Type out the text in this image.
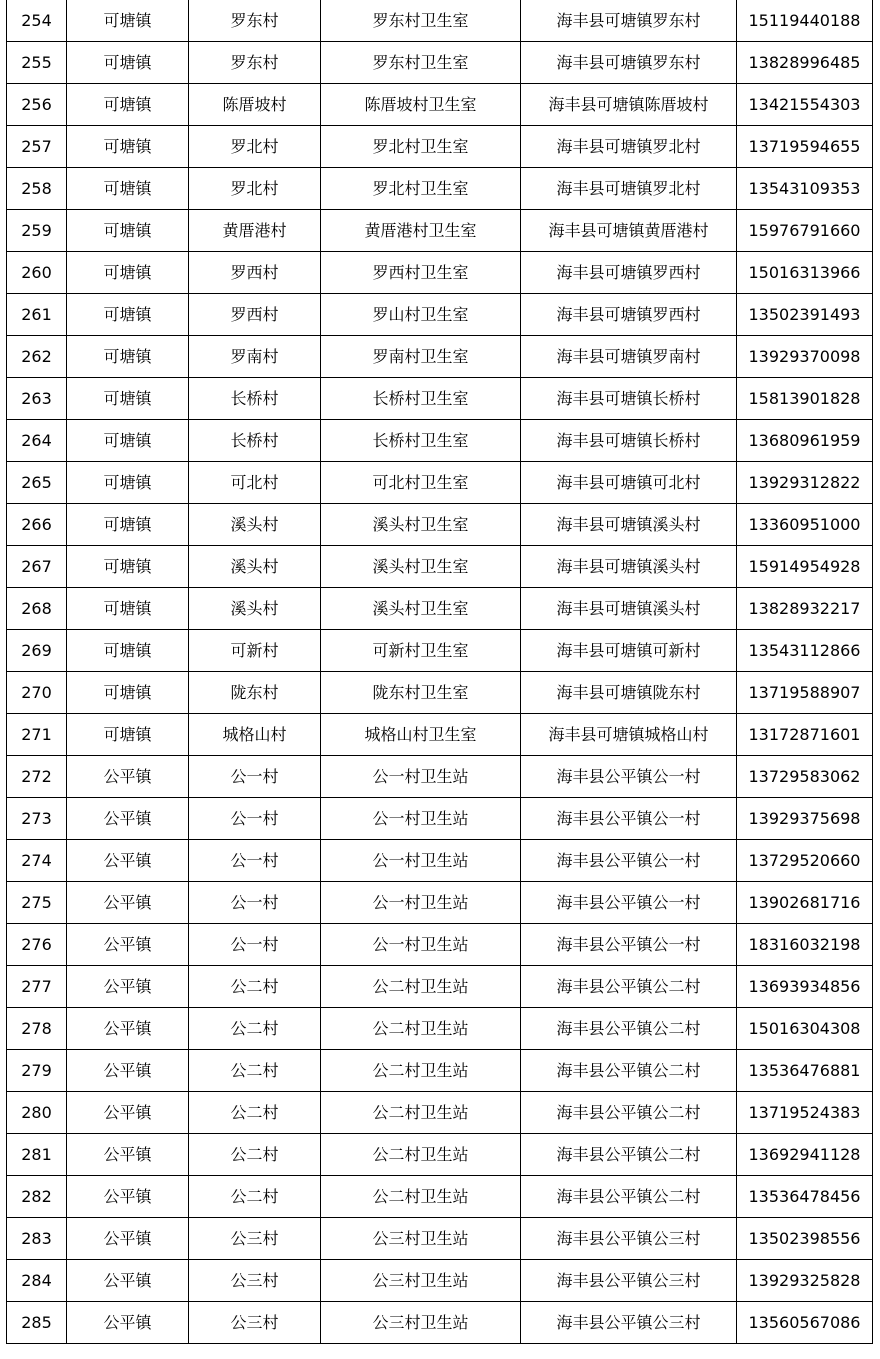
254	可塘镇	罗东村	罗东村卫生室	海丰县可塘镇罗东村	15119440188
255	可塘镇	罗东村	罗东村卫生室	海丰县可塘镇罗东村	13828996485
256	可塘镇	陈厝坡村	陈厝坡村卫生室	海丰县可塘镇陈厝坡村	13421554303
257	可塘镇	罗北村	罗北村卫生室	海丰县可塘镇罗北村	13719594655
258	可塘镇	罗北村	罗北村卫生室	海丰县可塘镇罗北村	13543109353
259	可塘镇	黄厝港村	黄厝港村卫生室	海丰县可塘镇黄厝港村	15976791660
260	可塘镇	罗西村	罗西村卫生室	海丰县可塘镇罗西村	15016313966
261	可塘镇	罗西村	罗山村卫生室	海丰县可塘镇罗西村	13502391493
262	可塘镇	罗南村	罗南村卫生室	海丰县可塘镇罗南村	13929370098
263	可塘镇	长桥村	长桥村卫生室	海丰县可塘镇长桥村	15813901828
264	可塘镇	长桥村	长桥村卫生室	海丰县可塘镇长桥村	13680961959
265	可塘镇	可北村	可北村卫生室	海丰县可塘镇可北村	13929312822
266	可塘镇	溪头村	溪头村卫生室	海丰县可塘镇溪头村	13360951000
267	可塘镇	溪头村	溪头村卫生室	海丰县可塘镇溪头村	15914954928
268	可塘镇	溪头村	溪头村卫生室	海丰县可塘镇溪头村	13828932217
269	可塘镇	可新村	可新村卫生室	海丰县可塘镇可新村	13543112866
270	可塘镇	陇东村	陇东村卫生室	海丰县可塘镇陇东村	13719588907
271	可塘镇	城格山村	城格山村卫生室	海丰县可塘镇城格山村	13172871601
272	公平镇	公一村	公一村卫生站	海丰县公平镇公一村	13729583062
273	公平镇	公一村	公一村卫生站	海丰县公平镇公一村	13929375698
274	公平镇	公一村	公一村卫生站	海丰县公平镇公一村	13729520660
275	公平镇	公一村	公一村卫生站	海丰县公平镇公一村	13902681716
276	公平镇	公一村	公一村卫生站	海丰县公平镇公一村	18316032198
277	公平镇	公二村	公二村卫生站	海丰县公平镇公二村	13693934856
278	公平镇	公二村	公二村卫生站	海丰县公平镇公二村	15016304308
279	公平镇	公二村	公二村卫生站	海丰县公平镇公二村	13536476881
280	公平镇	公二村	公二村卫生站	海丰县公平镇公二村	13719524383
281	公平镇	公二村	公二村卫生站	海丰县公平镇公二村	13692941128
282	公平镇	公二村	公二村卫生站	海丰县公平镇公二村	13536478456
283	公平镇	公三村	公三村卫生站	海丰县公平镇公三村	13502398556
284	公平镇	公三村	公三村卫生站	海丰县公平镇公三村	13929325828
285	公平镇	公三村	公三村卫生站	海丰县公平镇公三村	13560567086
